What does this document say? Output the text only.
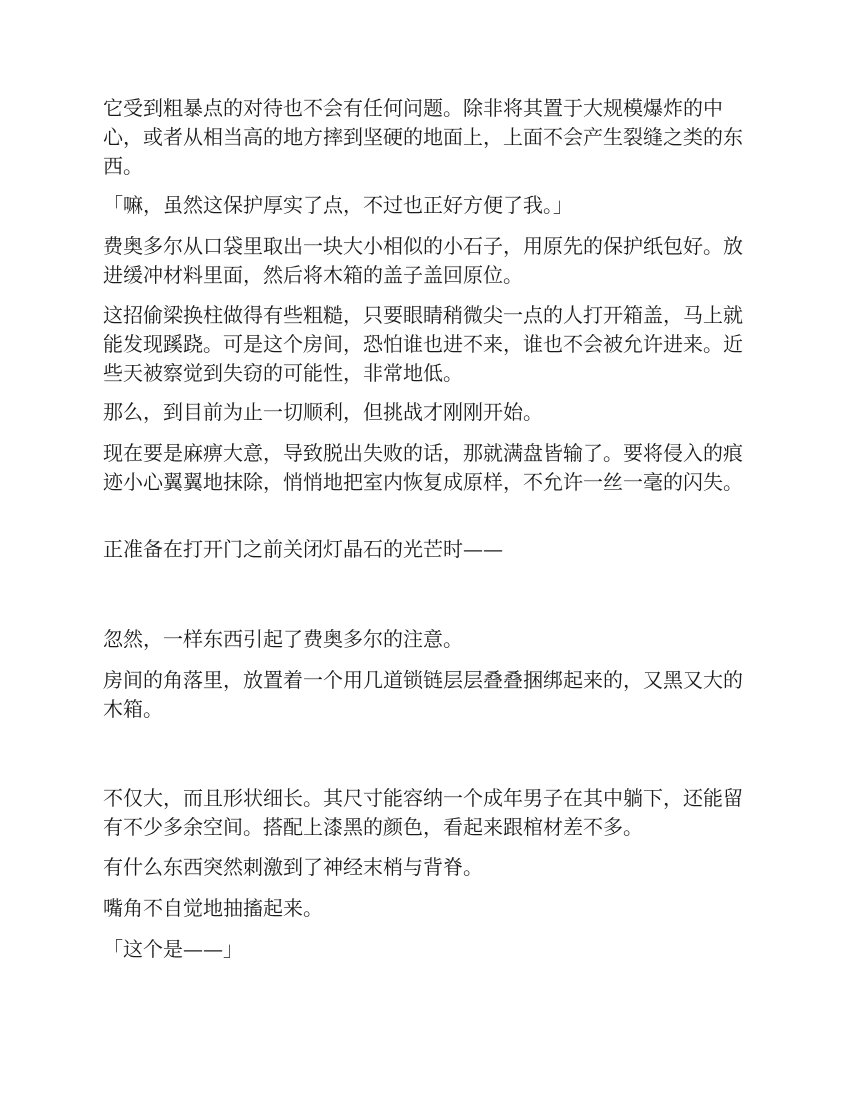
它受到粗暴点的对待也不会有任何问题。除非将其置于大规模爆炸的中心，或者从相当高的地方摔到坚硬的地面上，上面不会产生裂缝之类的东西。

「嘛，虽然这保护厚实了点，不过也正好方便了我。」

费奥多尔从口袋里取出一块大小相似的小石子，用原先的保护纸包好。放进缓冲材料里面，然后将木箱的盖子盖回原位。

这招偷梁换柱做得有些粗糙，只要眼睛稍微尖一点的人打开箱盖，马上就能发现蹊跷。可是这个房间，恐怕谁也进不来，谁也不会被允许进来。近些天被察觉到失窃的可能性，非常地低。

那么，到目前为止一切顺利，但挑战才刚刚开始。

现在要是麻痹大意，导致脱出失败的话，那就满盘皆输了。要将侵入的痕迹小心翼翼地抹除，悄悄地把室内恢复成原样，不允许一丝一毫的闪失。

正准备在打开门之前关闭灯晶石的光芒时——

忽然，一样东西引起了费奥多尔的注意。

房间的角落里，放置着一个用几道锁链层层叠叠捆绑起来的，又黑又大的木箱。

不仅大，而且形状细长。其尺寸能容纳一个成年男子在其中躺下，还能留有不少多余空间。搭配上漆黑的颜色，看起来跟棺材差不多。

有什么东西突然刺激到了神经末梢与背脊。

嘴角不自觉地抽搐起来。

「这个是——」
